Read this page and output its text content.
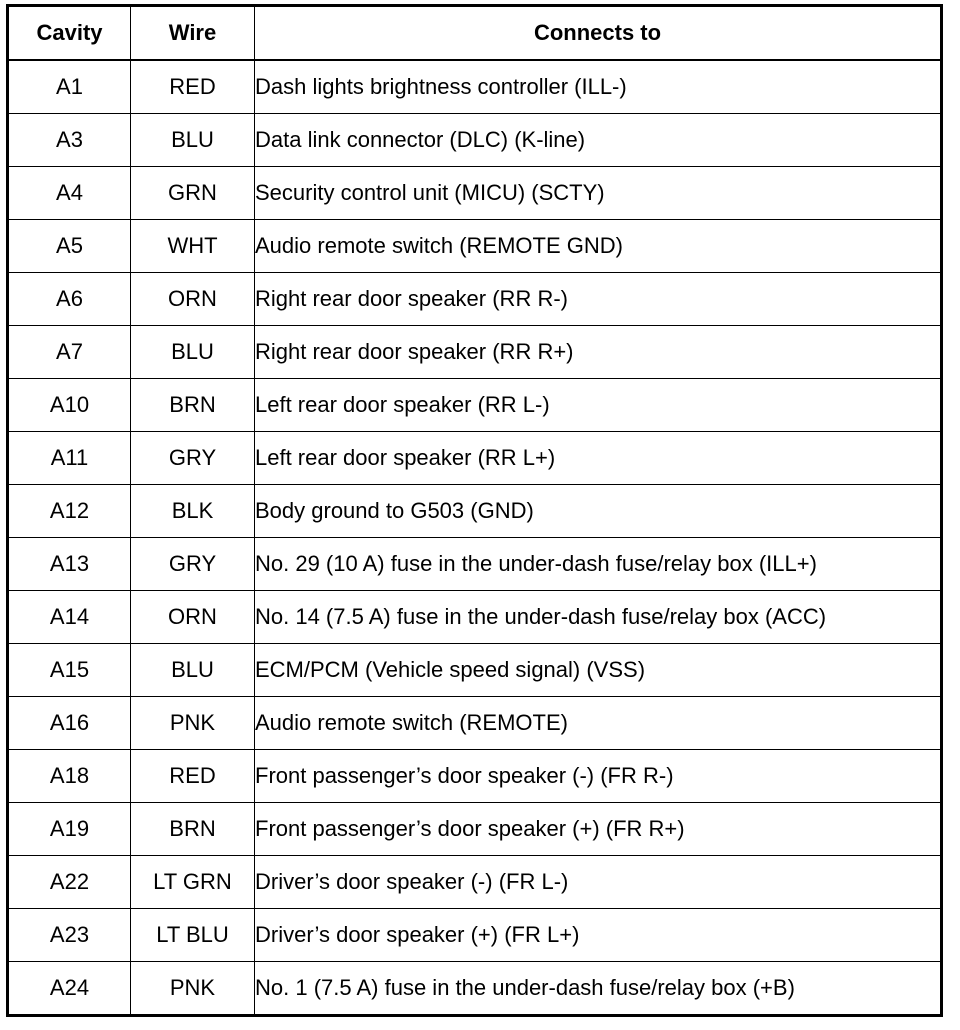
Cavity	Wire	Connects to
A1	RED	Dash lights brightness controller (ILL-)
A3	BLU	Data link connector (DLC) (K-line)
A4	GRN	Security control unit (MICU) (SCTY)
A5	WHT	Audio remote switch (REMOTE GND)
A6	ORN	Right rear door speaker (RR R-)
A7	BLU	Right rear door speaker (RR R+)
A10	BRN	Left rear door speaker (RR L-)
A11	GRY	Left rear door speaker (RR L+)
A12	BLK	Body ground to G503 (GND)
A13	GRY	No. 29 (10 A) fuse in the under-dash fuse/relay box (ILL+)
A14	ORN	No. 14 (7.5 A) fuse in the under-dash fuse/relay box (ACC)
A15	BLU	ECM/PCM (Vehicle speed signal) (VSS)
A16	PNK	Audio remote switch (REMOTE)
A18	RED	Front passenger’s door speaker (-) (FR R-)
A19	BRN	Front passenger’s door speaker (+) (FR R+)
A22	LT GRN	Driver’s door speaker (-) (FR L-)
A23	LT BLU	Driver’s door speaker (+) (FR L+)
A24	PNK	No. 1 (7.5 A) fuse in the under-dash fuse/relay box (+B)
